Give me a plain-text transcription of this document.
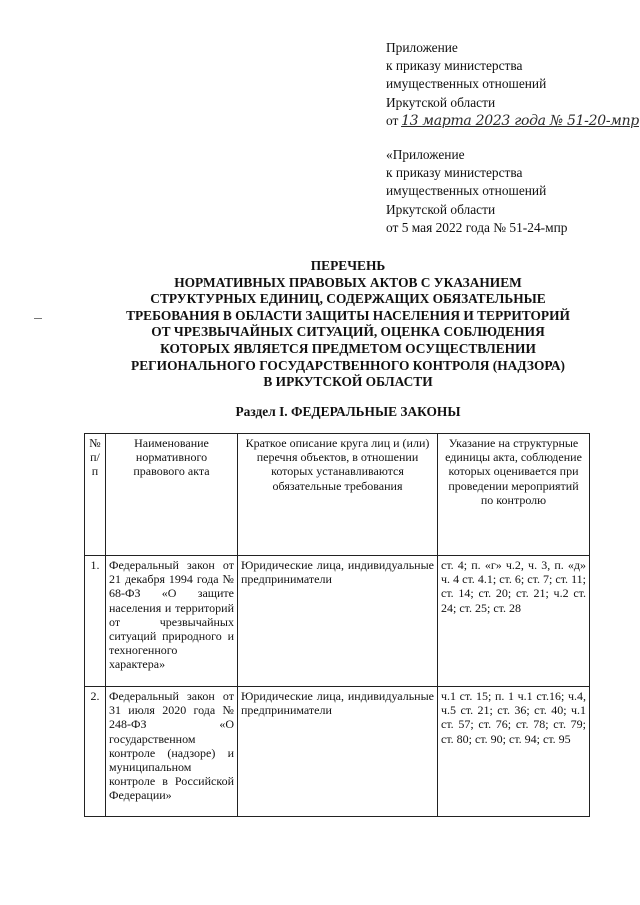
Приложение
к приказу министерства
имущественных отношений
Иркутской области
от  13 марта 2023 года № 51-20-мпр
«Приложение
к приказу министерства
имущественных отношений
Иркутской области
от 5 мая 2022 года № 51-24-мпр
ПЕРЕЧЕНЬ
НОРМАТИВНЫХ ПРАВОВЫХ АКТОВ С УКАЗАНИЕМ
СТРУКТУРНЫХ ЕДИНИЦ, СОДЕРЖАЩИХ ОБЯЗАТЕЛЬНЫЕ
ТРЕБОВАНИЯ В ОБЛАСТИ ЗАЩИТЫ НАСЕЛЕНИЯ И ТЕРРИТОРИЙ
ОТ ЧРЕЗВЫЧАЙНЫХ СИТУАЦИЙ, ОЦЕНКА СОБЛЮДЕНИЯ
КОТОРЫХ ЯВЛЯЕТСЯ ПРЕДМЕТОМ ОСУЩЕСТВЛЕНИИ
РЕГИОНАЛЬНОГО ГОСУДАРСТВЕННОГО КОНТРОЛЯ (НАДЗОРА)
В ИРКУТСКОЙ ОБЛАСТИ
Раздел I. ФЕДЕРАЛЬНЫЕ ЗАКОНЫ
№ п/п	Наименование нормативного правового акта	Краткое описание круга лиц и (или) перечня объектов, в отношении которых устанавливаются обязательные требования	Указание на структурные единицы акта, соблюдение которых оценивается при проведении мероприятий по контролю
1.	Федеральный закон от 21 декабря 1994 года № 68-ФЗ «О защите населения и территорий от чрезвычайных ситуаций природного и техногенного характера»	Юридические лица, индивидуальные предприниматели	ст. 4; п. «г» ч.2, ч. 3, п. «д» ч. 4 ст. 4.1; ст. 6; ст. 7; ст. 11; ст. 14; ст. 20; ст. 21; ч.2 ст. 24; ст. 25; ст. 28
2.	Федеральный закон от 31 июля 2020 года № 248-ФЗ «О государственном контроле (надзоре) и муниципальном контроле в Российской Федерации»	Юридические лица, индивидуальные предприниматели	ч.1 ст. 15; п. 1 ч.1 ст.16; ч.4, ч.5 ст. 21; ст. 36; ст. 40; ч.1 ст. 57; ст. 76; ст. 78; ст. 79; ст. 80; ст. 90; ст. 94; ст. 95
